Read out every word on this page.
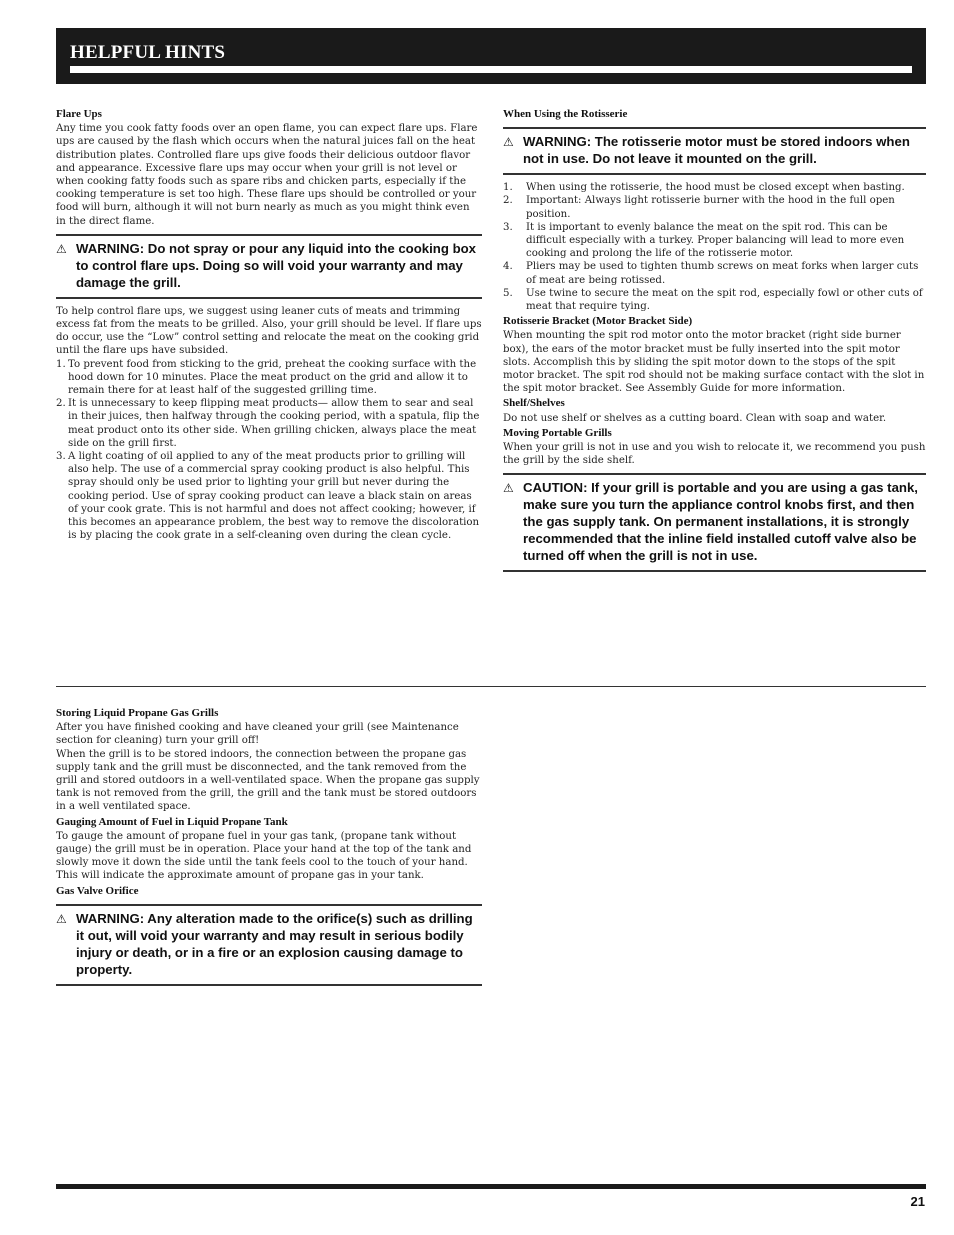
HELPFUL HINTS

Flare Ups

Any time you cook fatty foods over an open flame, you can expect flare ups. Flare ups are caused by the flash which occurs when the natural juices fall on the heat distribution plates. Controlled flare ups give foods their delicious outdoor flavor and appearance. Excessive flare ups may occur when your grill is not level or when cooking fatty foods such as spare ribs and chicken parts, especially if the cooking temperature is set too high. These flare ups should be controlled or your food will burn, although it will not burn nearly as much as you might think even in the direct flame.

⚠ WARNING: Do not spray or pour any liquid into the cooking box to control flare ups. Doing so will void your warranty and may damage the grill.

To help control flare ups, we suggest using leaner cuts of meats and trimming excess fat from the meats to be grilled. Also, your grill should be level. If flare ups do occur, use the “Low” control setting and relocate the meat on the cooking grid until the flare ups have subsided.

1. To prevent food from sticking to the grid, preheat the cooking surface with the hood down for 10 minutes. Place the meat product on the grid and allow it to remain there for at least half of the suggested grilling time.
2. It is unnecessary to keep flipping meat products— allow them to sear and seal in their juices, then halfway through the cooking period, with a spatula, flip the meat product onto its other side. When grilling chicken, always place the meat side on the grill first.
3. A light coating of oil applied to any of the meat products prior to grilling will also help. The use of a commercial spray cooking product is also helpful. This spray should only be used prior to lighting your grill but never during the cooking period. Use of spray cooking product can leave a black stain on areas of your cook grate. This is not harmful and does not affect cooking; however, if this becomes an appearance problem, the best way to remove the discoloration is by placing the cook grate in a self-cleaning oven during the clean cycle.

When Using the Rotisserie

⚠ WARNING: The rotisserie motor must be stored indoors when not in use. Do not leave it mounted on the grill.
1.	When using the rotisserie, the hood must be closed except when basting.
2.	Important: Always light rotisserie burner with the hood in the full open position.
3.	It is important to evenly balance the meat on the spit rod. This can be difficult especially with a turkey. Proper balancing will lead to more even cooking and prolong the life of the rotisserie motor.
4.	Pliers may be used to tighten thumb screws on meat forks when larger cuts of meat are being rotissed.
5.	Use twine to secure the meat on the spit rod, especially fowl or other cuts of meat that require tying.

Rotisserie Bracket (Motor Bracket Side)

When mounting the spit rod motor onto the motor bracket (right side burner box), the ears of the motor bracket must be fully inserted into the spit motor slots. Accomplish this by sliding the spit motor down to the stops of the spit motor bracket. The spit rod should not be making surface contact with the slot in the spit motor bracket. See Assembly Guide for more information.

Shelf/Shelves

Do not use shelf or shelves as a cutting board. Clean with soap and water.

Moving Portable Grills

When your grill is not in use and you wish to relocate it, we recommend you push the grill by the side shelf.

⚠ CAUTION: If your grill is portable and you are using a gas tank, make sure you turn the appliance control knobs first, and then the gas supply tank. On permanent installations, it is strongly recommended that the inline field installed cutoff valve also be turned off when the grill is not in use.

Storing Liquid Propane Gas Grills

After you have finished cooking and have cleaned your grill (see Maintenance section for cleaning) turn your grill off!

When the grill is to be stored indoors, the connection between the propane gas supply tank and the grill must be disconnected, and the tank removed from the grill and stored outdoors in a well-ventilated space. When the propane gas supply tank is not removed from the grill, the grill and the tank must be stored outdoors in a well ventilated space.

Gauging Amount of Fuel in Liquid Propane Tank

To gauge the amount of propane fuel in your gas tank, (propane tank without gauge) the grill must be in operation. Place your hand at the top of the tank and slowly move it down the side until the tank feels cool to the touch of your hand. This will indicate the approximate amount of propane gas in your tank.

Gas Valve Orifice

⚠ WARNING: Any alteration made to the orifice(s) such as drilling it out, will void your warranty and may result in serious bodily injury or death, or in a fire or an explosion causing damage to property.
21
